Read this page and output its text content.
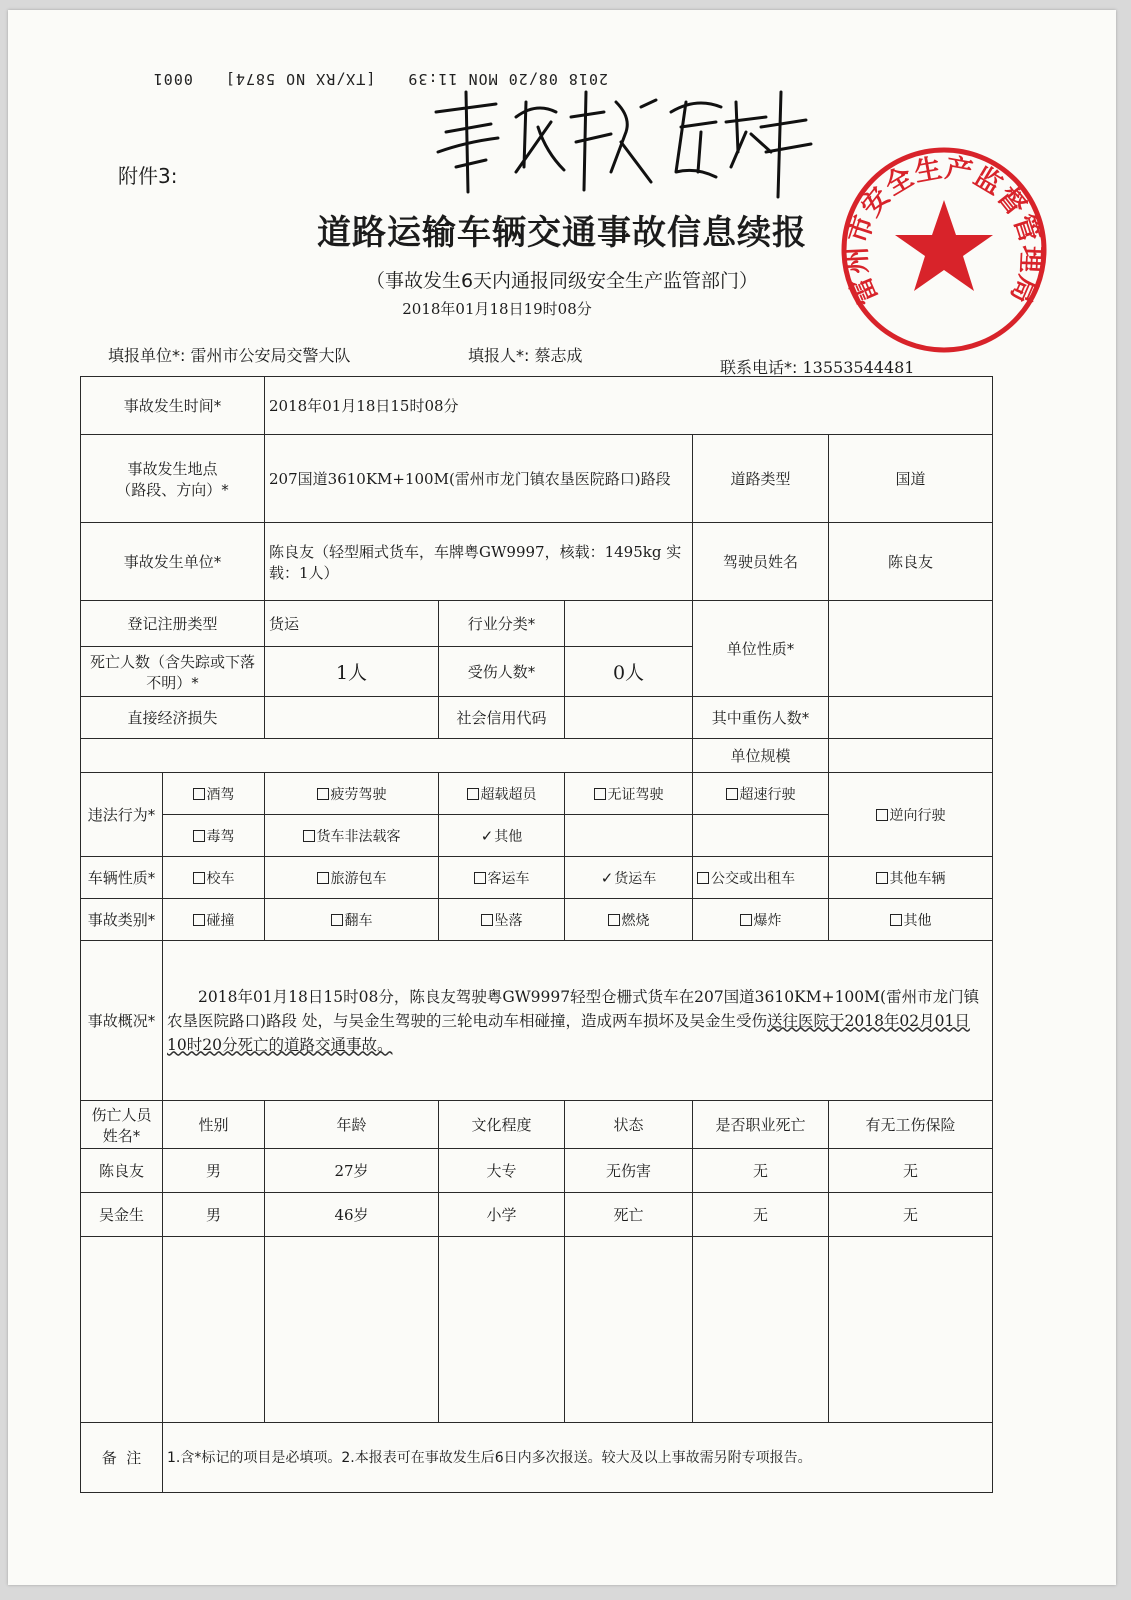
2018 08/20 MON 11:39 [TX/RX NO 5874] 0001
附件3:
道路运输车辆交通事故信息续报
（事故发生6天内通报同级安全生产监管部门）
2018年01月18日19时08分
雷州市安全生产监督管理局
填报单位*: 雷州市公安局交警大队	填报人*: 蔡志成
联系电话*: 13553544481
事故发生时间*		2018年01月18日15时08分				

事故发生地点
（路段、方向）*		207国道3610KM+100M(雷州市龙门镇农垦医院路口)路段			道路类型	国道
事故发生单位*		陈良友（轻型厢式货车，车牌粤GW9997，核载：1495kg 实载：1人）			驾驶员姓名	陈良友
登记注册类型		货运	行业分类*		单位性质*	
死亡人数（含失踪或下落不明）*		1人	受伤人数*	0人		
直接经济损失			社会信用代码		其中重伤人数*	
					单位规模	
违法行为*	酒驾	疲劳驾驶	超载超员	无证驾驶	超速行驶	逆向行驶
	毒驾	货车非法载客	✓其他			
车辆性质*	校车	旅游包车	客运车	✓货运车	公交或出租车	其他车辆
事故类别*	碰撞	翻车	坠落	燃烧	爆炸	其他
事故概况*	2018年01月18日15时08分，陈良友驾驶粤GW9997轻型仓栅式货车在207国道3610KM+100M(雷州市龙门镇农垦医院路口)路段 处，与吴金生驾驶的三轮电动车相碰撞，造成两车损坏及吴金生受伤送往医院于2018年02月01日10时20分死亡的道路交通事故。					
伤亡人员姓名*	性别	年龄	文化程度	状态	是否职业死亡	有无工伤保险
陈良友	男	27岁	大专	无伤害	无	无
吴金生	男	46岁	小学	死亡	无	无

备  注	1.含*标记的项目是必填项。2.本报表可在事故发生后6日内多次报送。较大及以上事故需另附专项报告。					
